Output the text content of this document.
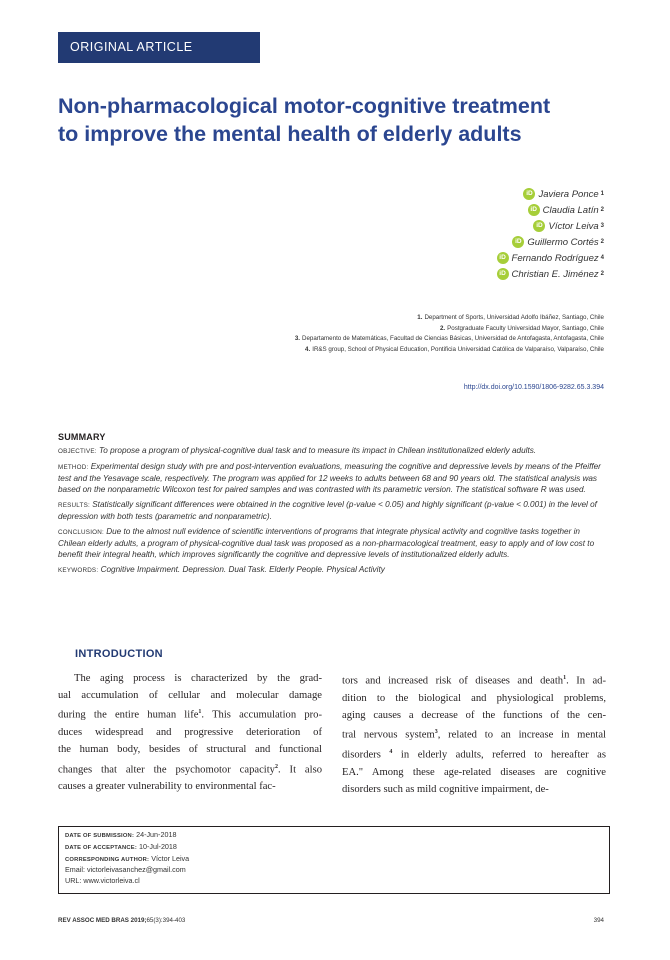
ORIGINAL ARTICLE
Non-pharmacological motor-cognitive treatment
to improve the mental health of elderly adults
iD Javiera Ponce 1
iD Claudia Latín 2
iD Víctor Leiva 3
iD Guillermo Cortés 2
iD Fernando Rodríguez 4
iD Christian E. Jiménez 2
1. Department of Sports, Universidad Adolfo Ibáñez, Santiago, Chile
2. Postgraduate Faculty Universidad Mayor, Santiago, Chile
3. Departamento de Matemáticas, Facultad de Ciencias Básicas, Universidad de Antofagasta, Antofagasta, Chile
4. IR&S group, School of Physical Education, Pontificia Universidad Católica de Valparaíso, Valparaíso, Chile
http://dx.doi.org/10.1590/1806-9282.65.3.394
SUMMARY

OBJECTIVE: To propose a program of physical-cognitive dual task and to measure its impact in Chilean institutionalized elderly adults.

METHOD: Experimental design study with pre and post-intervention evaluations, measuring the cognitive and depressive levels by means of the Pfeiffer test and the Yesavage scale, respectively. The program was applied for 12 weeks to adults between 68 and 90 years old. The statistical analysis was based on the nonparametric Wilcoxon test for paired samples and was contrasted with its parametric version. The statistical software R was used.

RESULTS: Statistically significant differences were obtained in the cognitive level (p-value < 0.05) and highly significant (p-value < 0.001) in the level of depression with both tests (parametric and nonparametric).

CONCLUSION: Due to the almost null evidence of scientific interventions of programs that integrate physical activity and cognitive tasks together in Chilean elderly adults, a program of physical-cognitive dual task was proposed as a non-pharmacological treatment, easy to apply and of low cost to benefit their integral health, which improves significantly the cognitive and depressive levels of institutionalized elderly adults.

KEYWORDS: Cognitive Impairment. Depression. Dual Task. Elderly People. Physical Activity

INTRODUCTION
The aging process is characterized by the grad-
ual accumulation of cellular and molecular damage
during the entire human life$^1$. This accumulation pro-
duces widespread and progressive deterioration of
the human body, besides of structural and functional
changes that alter the psychomotor capacity$^2$. It also
causes a greater vulnerability to environmental fac-
tors and increased risk of diseases and death$^1$. In ad-
dition to the biological and physiological problems,
aging causes a decrease of the functions of the cen-
tral nervous system$^3$, related to an increase in mental
disorders $^4$ in elderly adults, referred to hereafter as
EA." Among these age-related diseases are cognitive
disorders such as mild cognitive impairment, de-
DATE OF SUBMISSION: 24-Jun-2018
DATE OF ACCEPTANCE: 10-Jul-2018
CORRESPONDING AUTHOR: Víctor Leiva
Email: victorleivasanchez@gmail.com
URL: www.victorleiva.cl
REV ASSOC MED BRAS 2019;65(3):394-403	394
